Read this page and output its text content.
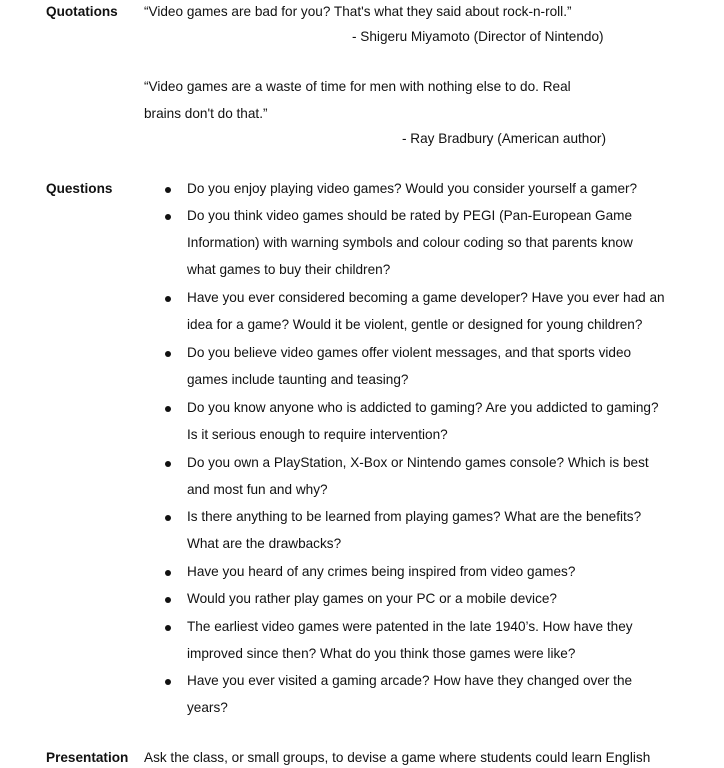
Quotations “Video games are bad for you? That's what they said about rock-n-roll.”
- Shigeru Miyamoto (Director of Nintendo)
“Video games are a waste of time for men with nothing else to do. Real
brains don't do that.”
- Ray Bradbury (American author)
Questions	Do you enjoy playing video games? Would you consider yourself a gamer?
Do you think video games should be rated by PEGI (Pan-European Game
Information) with warning symbols and colour coding so that parents know
what games to buy their children?
Have you ever considered becoming a game developer? Have you ever had an
idea for a game? Would it be violent, gentle or designed for young children?
Do you believe video games offer violent messages, and that sports video
games include taunting and teasing?
Do you know anyone who is addicted to gaming? Are you addicted to gaming?
Is it serious enough to require intervention?
Do you own a PlayStation, X-Box or Nintendo games console? Which is best
and most fun and why?
Is there anything to be learned from playing games? What are the benefits?
What are the drawbacks?
Have you heard of any crimes being inspired from video games?
Would you rather play games on your PC or a mobile device?
The earliest video games were patented in the late 1940’s. How have they
improved since then? What do you think those games were like?
Have you ever visited a gaming arcade? How have they changed over the
years?
Presentation Ask the class, or small groups, to devise a game where students could learn English
